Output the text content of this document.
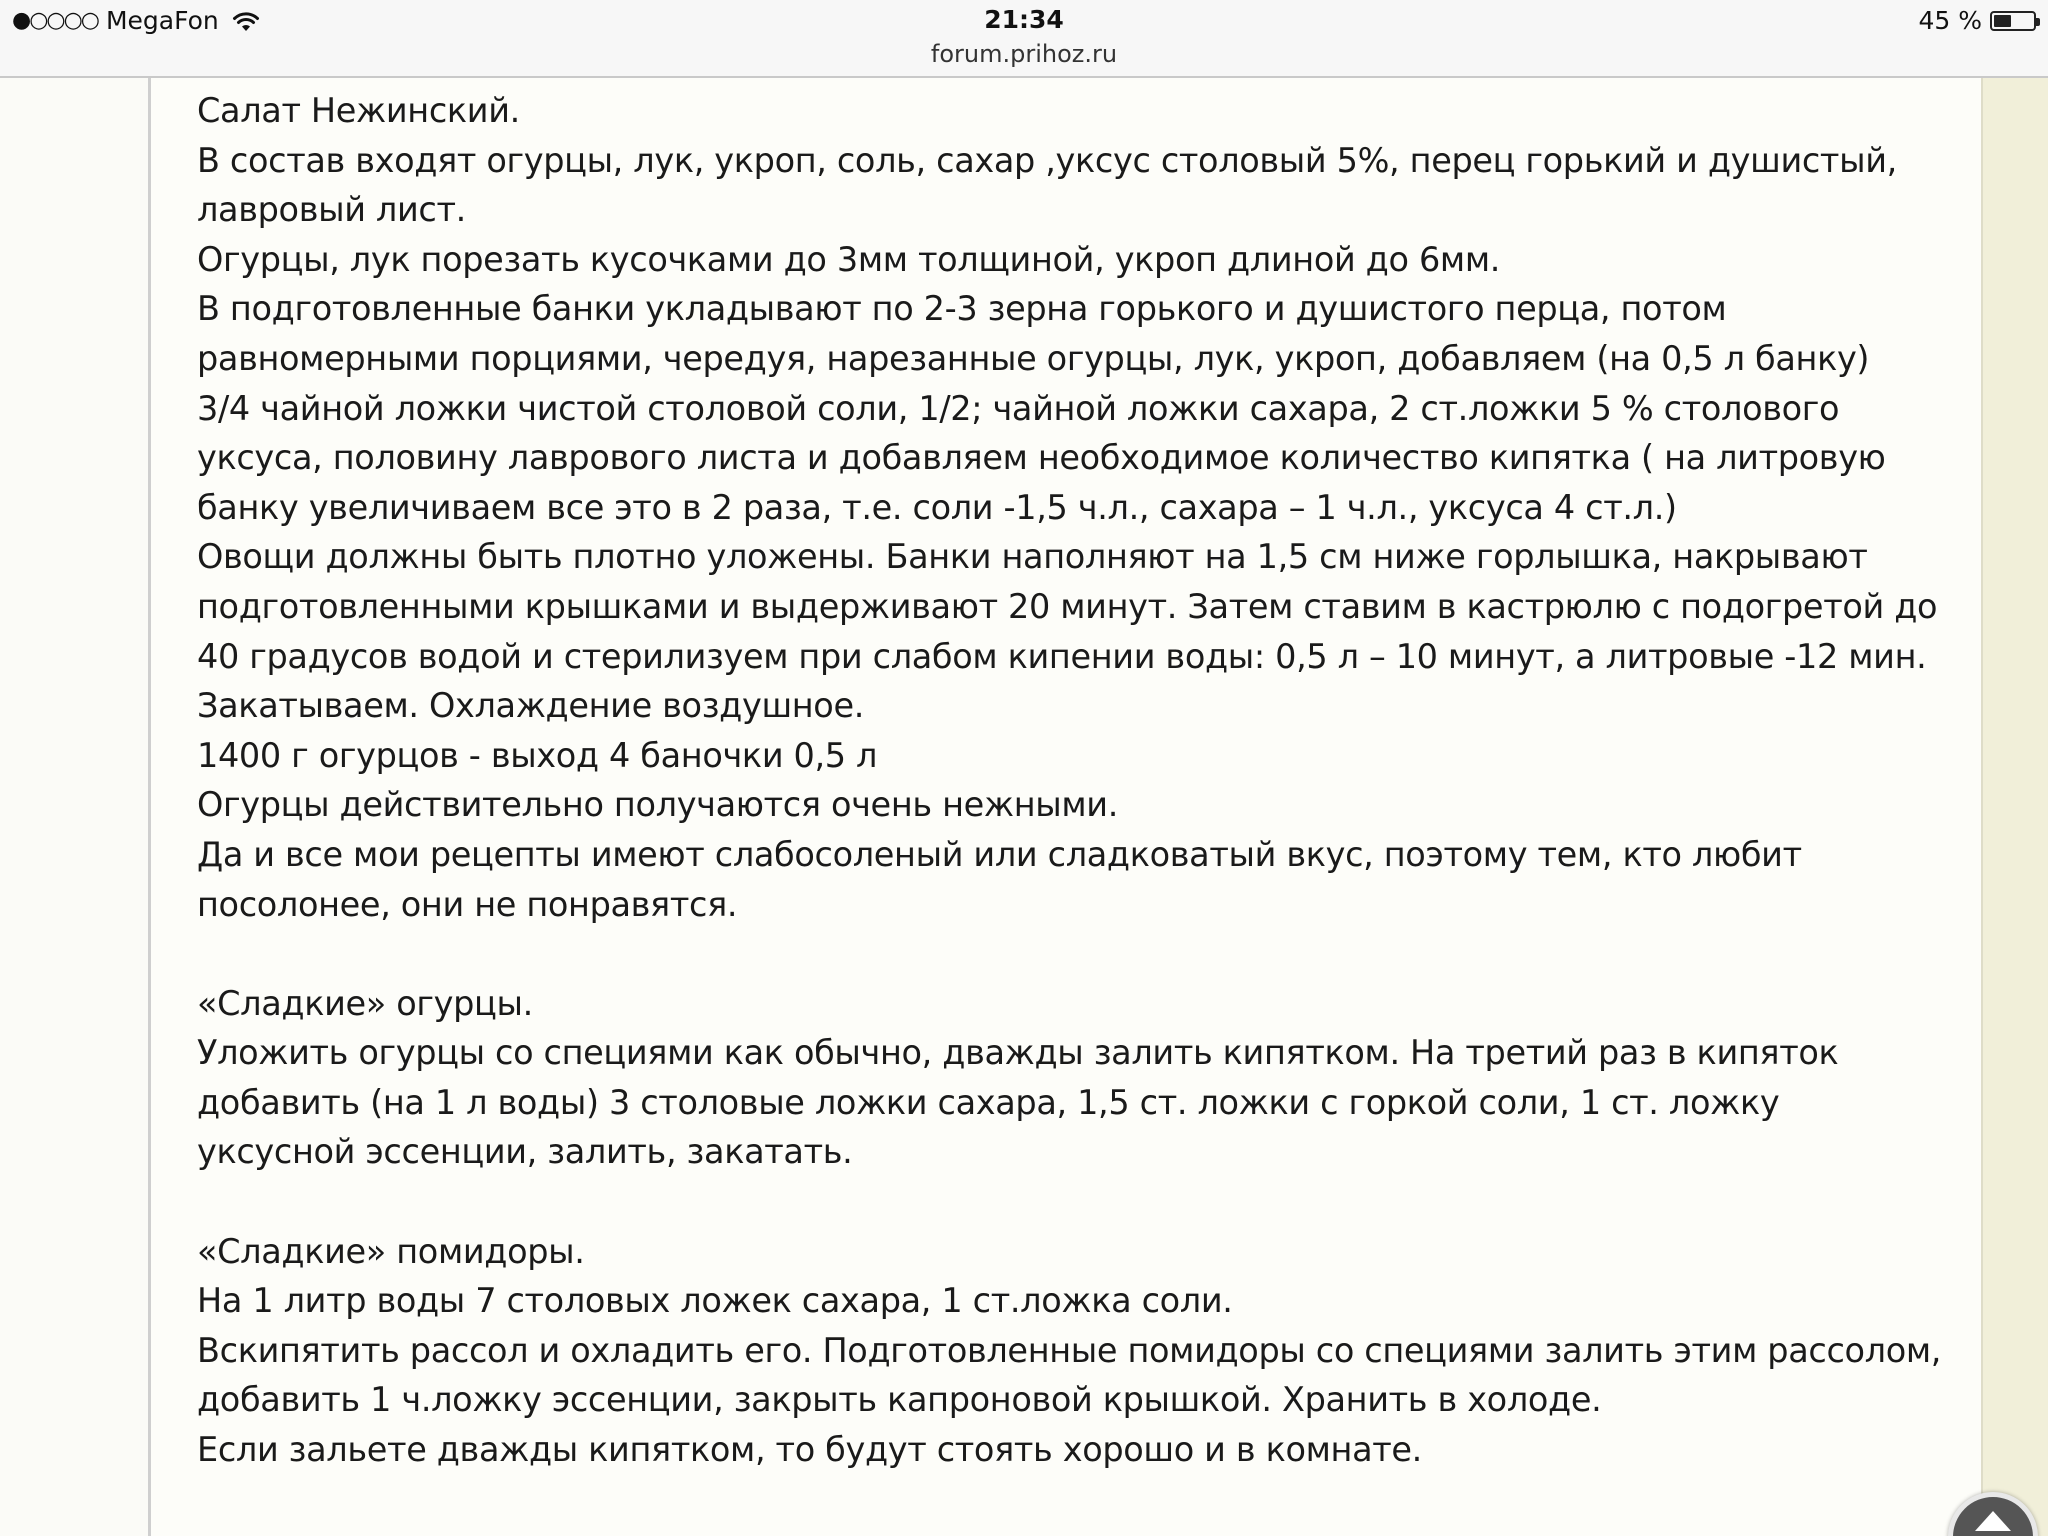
●○○○○ MegaFon	21:34
forum.prihoz.ru
45 %
Салат Нежинский.
В состав входят огурцы, лук, укроп, соль, сахар ,уксус столовый 5%, перец горький и душистый,
лавровый лист.
Огурцы, лук порезать кусочками до 3мм толщиной, укроп длиной до 6мм.
В подготовленные банки укладывают по 2-3 зерна горького и душистого перца, потом
равномерными порциями, чередуя, нарезанные огурцы, лук, укроп, добавляем (на 0,5 л банку)
3/4 чайной ложки чистой столовой соли, 1/2; чайной ложки сахара, 2 ст.ложки 5 % столового
уксуса, половину лаврового листа и добавляем необходимое количество кипятка ( на литровую
банку увеличиваем все это в 2 раза, т.е. соли -1,5 ч.л., сахара – 1 ч.л., уксуса 4 ст.л.)
Овощи должны быть плотно уложены. Банки наполняют на 1,5 см ниже горлышка, накрывают
подготовленными крышками и выдерживают 20 минут. Затем ставим в кастрюлю с подогретой до
40 градусов водой и стерилизуем при слабом кипении воды: 0,5 л – 10 минут, а литровые -12 мин.
Закатываем. Охлаждение воздушное.
1400 г огурцов - выход 4 баночки 0,5 л
Огурцы действительно получаются очень нежными.
Да и все мои рецепты имеют слабосоленый или сладковатый вкус, поэтому тем, кто любит
посолонее, они не понравятся.
«Сладкие» огурцы.
Уложить огурцы со специями как обычно, дважды залить кипятком. На третий раз в кипяток
добавить (на 1 л воды) 3 столовые ложки сахара, 1,5 ст. ложки с горкой соли, 1 ст. ложку
уксусной эссенции, залить, закатать.
«Сладкие» помидоры.
На 1 литр воды 7 столовых ложек сахара, 1 ст.ложка соли.
Вскипятить рассол и охладить его. Подготовленные помидоры со специями залить этим рассолом,
добавить 1 ч.ложку эссенции, закрыть капроновой крышкой. Хранить в холоде.
Если зальете дважды кипятком, то будут стоять хорошо и в комнате.
